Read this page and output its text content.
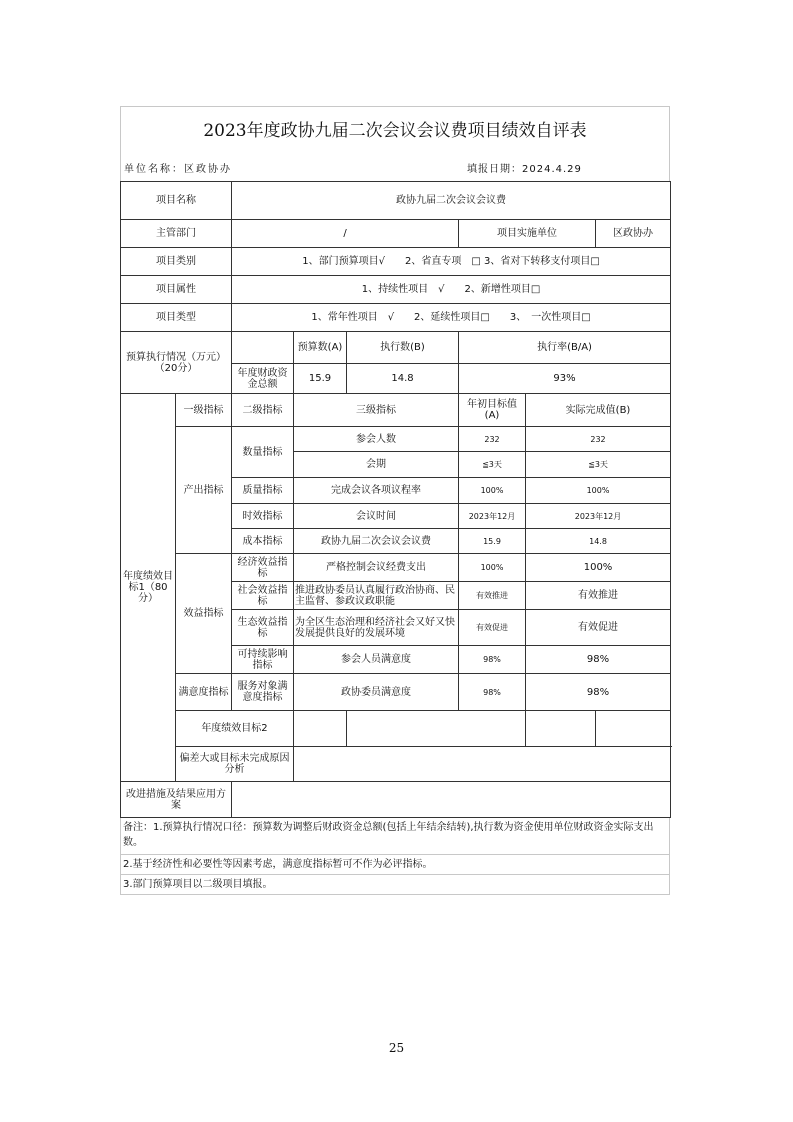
2023年度政协九届二次会议会议费项目绩效自评表
单位名称：区政协办	填报日期：2024.4.29
项目名称		政协九届二次会议会议费					
主管部门		/			项目实施单位		区政协办
项目类别		1、部门预算项目√　　2、省直专项　□ 3、省对下转移支付项目□					
项目属性		1、持续性项目　√　　2、新增性项目□					
项目类型		1、常年性项目　√　　2、延续性项目□　　3、　一次性项目□					
预算执行情况（万元）（20分）			预算数(A)	执行数(B)	执行率(B/A)		
		年度财政资金总额	15.9	14.8	93%		
年度绩效目标1（80分）	一级指标	二级指标	三级指标		年初目标值(A)	实际完成值(B)	
	产出指标	数量指标	参会人数		232	232	
			会期		≦3天	≦3天	
		质量指标	完成会议各项议程率		100%	100%	
		时效指标	会议时间		2023年12月	2023年12月	
		成本指标	政协九届二次会议会议费		15.9	14.8	
	效益指标	经济效益指标	严格控制会议经费支出		100%	100%	
		社会效益指标	推进政协委员认真履行政治协商、民主监督、参政议政职能		有效推进	有效推进	
		生态效益指标	为全区生态治理和经济社会又好又快发展提供良好的发展环境		有效促进	有效促进	
		可持续影响指标	参会人员满意度		98%	98%	
	满意度指标	服务对象满意度指标	政协委员满意度		98%	98%	
	年度绩效目标2						
	偏差大或目标未完成原因分析						
改进措施及结果应用方案							
备注：1.预算执行情况口径：预算数为调整后财政资金总额(包括上年结余结转),执行数为资金使用单位财政资金实际支出数。
2.基于经济性和必要性等因素考虑，满意度指标暂可不作为必评指标。
3.部门预算项目以二级项目填报。
25
